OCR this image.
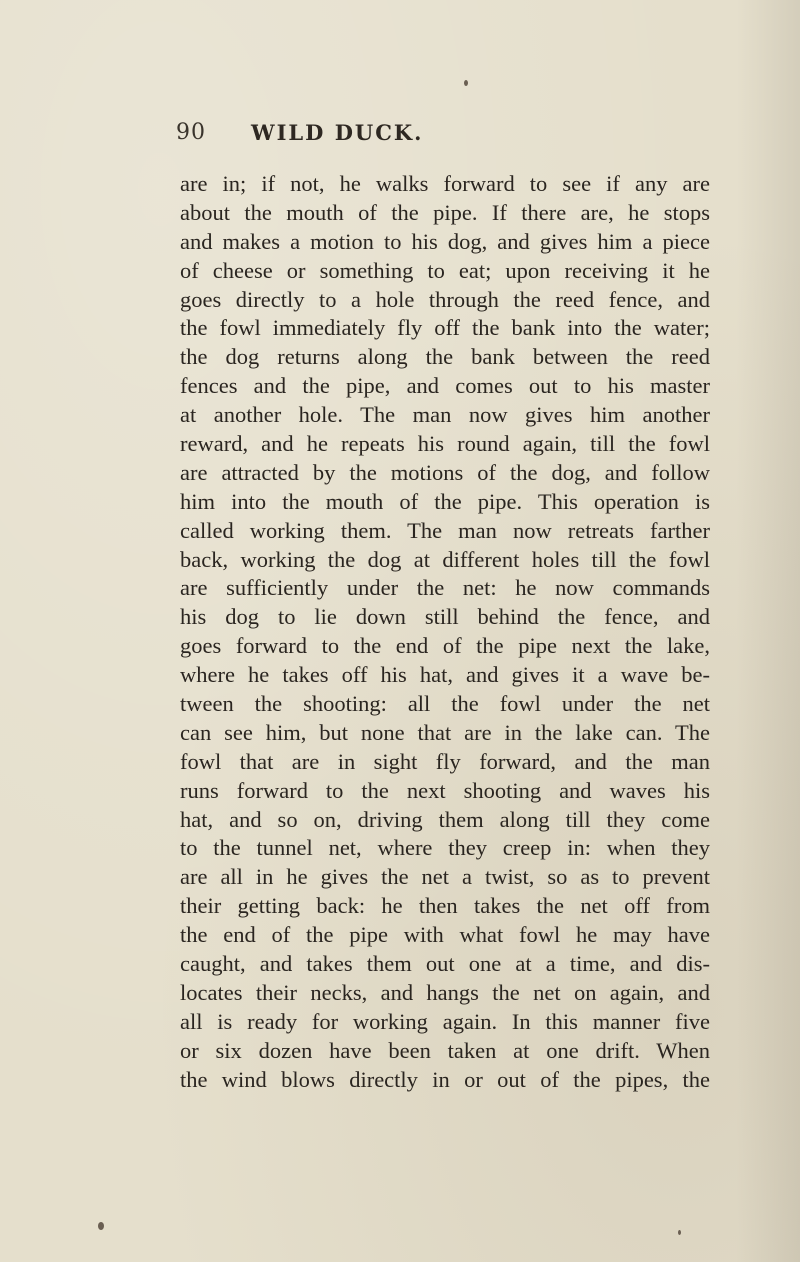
90 WILD DUCK.
are in; if not, he walks forward to see if any are
about the mouth of the pipe. If there are, he stops
and makes a motion to his dog, and gives him a piece
of cheese or something to eat; upon receiving it he
goes directly to a hole through the reed fence, and
the fowl immediately fly off the bank into the water;
the dog returns along the bank between the reed
fences and the pipe, and comes out to his master
at another hole. The man now gives him another
reward, and he repeats his round again, till the fowl
are attracted by the motions of the dog, and follow
him into the mouth of the pipe. This operation is
called working them. The man now retreats farther
back, working the dog at different holes till the fowl
are sufficiently under the net: he now commands
his dog to lie down still behind the fence, and
goes forward to the end of the pipe next the lake,
where he takes off his hat, and gives it a wave be-
tween the shooting: all the fowl under the net
can see him, but none that are in the lake can. The
fowl that are in sight fly forward, and the man
runs forward to the next shooting and waves his
hat, and so on, driving them along till they come
to the tunnel net, where they creep in: when they
are all in he gives the net a twist, so as to prevent
their getting back: he then takes the net off from
the end of the pipe with what fowl he may have
caught, and takes them out one at a time, and dis-
locates their necks, and hangs the net on again, and
all is ready for working again. In this manner five
or six dozen have been taken at one drift. When
the wind blows directly in or out of the pipes, the
